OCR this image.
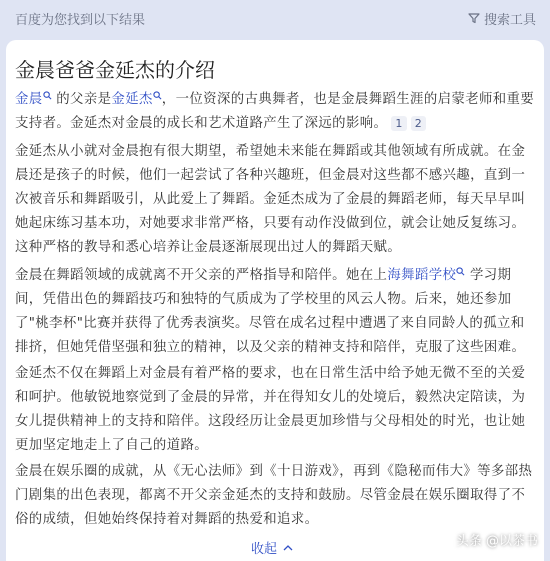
百度为您找到以下结果	搜索工具
金晨爸爸金延杰的介绍

金晨 的父亲是金延杰 ，一位资深的古典舞者，也是金晨舞蹈生涯的启蒙老师和重要支持者。金延杰对金晨的成长和艺术道路产生了深远的影响。 1 2

金延杰从小就对金晨抱有很大期望，希望她未来能在舞蹈或其他领域有所成就。在金晨还是孩子的时候，他们一起尝试了各种兴趣班，但金晨对这些都不感兴趣，直到一次被音乐和舞蹈吸引，从此爱上了舞蹈。金延杰成为了金晨的舞蹈老师，每天早早叫她起床练习基本功，对她要求非常严格，只要有动作没做到位，就会让她反复练习。这种严格的教导和悉心培养让金晨逐渐展现出过人的舞蹈天赋。

金晨在舞蹈领域的成就离不开父亲的严格指导和陪伴。她在上海舞蹈学校 学习期间，凭借出色的舞蹈技巧和独特的气质成为了学校里的风云人物。后来，她还参加了"桃李杯"比赛并获得了优秀表演奖。尽管在成名过程中遭遇了来自同龄人的孤立和排挤，但她凭借坚强和独立的精神，以及父亲的精神支持和陪伴，克服了这些困难。

金延杰不仅在舞蹈上对金晨有着严格的要求，也在日常生活中给予她无微不至的关爱和呵护。他敏锐地察觉到了金晨的异常，并在得知女儿的处境后，毅然决定陪读，为女儿提供精神上的支持和陪伴。这段经历让金晨更加珍惜与父母相处的时光，也让她更加坚定地走上了自己的道路。

金晨在娱乐圈的成就，从《无心法师》到《十日游戏》，再到《隐秘而伟大》等多部热门剧集的出色表现，都离不开父亲金延杰的支持和鼓励。尽管金晨在娱乐圈取得了不俗的成绩，但她始终保持着对舞蹈的热爱和追求。

收起
头条 @以茶书
